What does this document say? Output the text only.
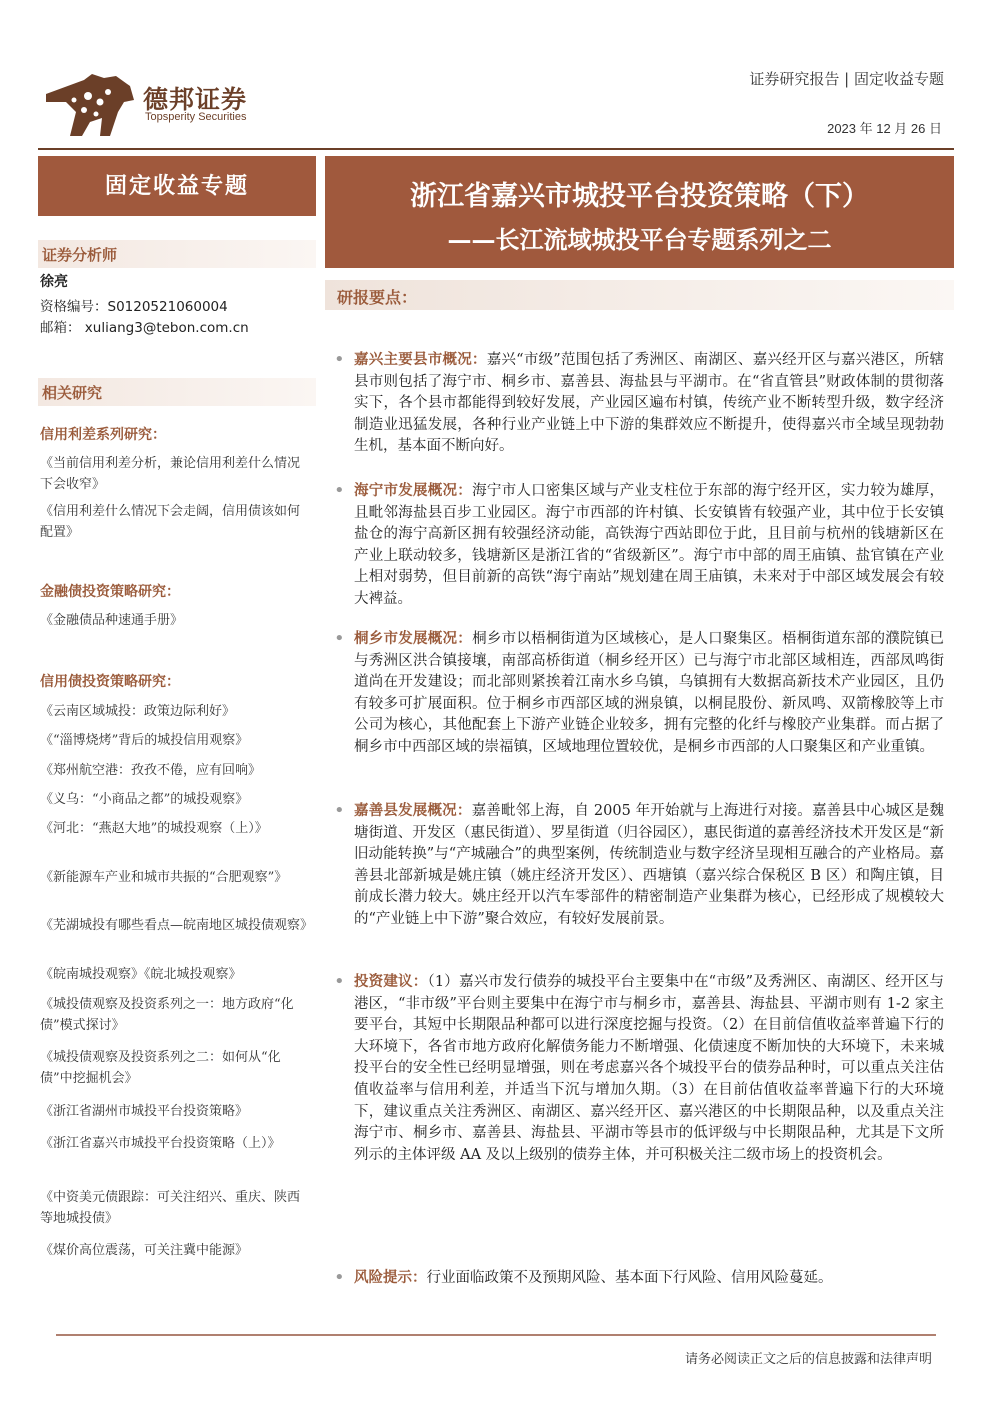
德邦证券
Topsperity Securities
证券研究报告 | 固定收益专题
2023 年 12 月 26 日
固定收益专题	浙江省嘉兴市城投平台投资策略（下）
——长江流域城投平台专题系列之二
证券分析师
徐亮
资格编号：S0120521060004
邮箱： xuliang3@tebon.com.cn
相关研究
信用利差系列研究：
《当前信用利差分析，兼论信用利差什么情况下会收窄》
《信用利差什么情况下会走阔，信用债该如何配置》
金融债投资策略研究：
《金融债品种速通手册》
信用债投资策略研究：
《云南区域城投：政策边际利好》
《“淄博烧烤”背后的城投信用观察》
《郑州航空港：孜孜不倦，应有回响》
《义乌：“小商品之都”的城投观察》
《河北：“燕赵大地”的城投观察（上）》
《新能源车产业和城市共振的“合肥观察”》
《芜湖城投有哪些看点—皖南地区城投债观察》
《皖南城投观察》《皖北城投观察》
《城投债观察及投资系列之一：地方政府“化债”模式探讨》
《城投债观察及投资系列之二：如何从“化债”中挖掘机会》
《浙江省湖州市城投平台投资策略》
《浙江省嘉兴市城投平台投资策略（上）》
《中资美元债跟踪：可关注绍兴、重庆、陕西等地城投债》
《煤价高位震荡，可关注冀中能源》
研报要点：
• 嘉兴主要县市概况：嘉兴“市级”范围包括了秀洲区、南湖区、嘉兴经开区与嘉兴港区，所辖县市则包括了海宁市、桐乡市、嘉善县、海盐县与平湖市。在“省直管县”财政体制的贯彻落实下，各个县市都能得到较好发展，产业园区遍布村镇，传统产业不断转型升级，数字经济制造业迅猛发展，各种行业产业链上中下游的集群效应不断提升，使得嘉兴市全域呈现勃勃生机，基本面不断向好。
• 海宁市发展概况：海宁市人口密集区域与产业支柱位于东部的海宁经开区，实力较为雄厚，且毗邻海盐县百步工业园区。海宁市西部的许村镇、长安镇皆有较强产业，其中位于长安镇盐仓的海宁高新区拥有较强经济动能，高铁海宁西站即位于此，且目前与杭州的钱塘新区在产业上联动较多，钱塘新区是浙江省的“省级新区”。海宁市中部的周王庙镇、盐官镇在产业上相对弱势，但目前新的高铁“海宁南站”规划建在周王庙镇，未来对于中部区域发展会有较大裨益。
• 桐乡市发展概况：桐乡市以梧桐街道为区域核心，是人口聚集区。梧桐街道东部的濮院镇已与秀洲区洪合镇接壤，南部高桥街道（桐乡经开区）已与海宁市北部区域相连，西部凤鸣街道尚在开发建设；而北部则紧挨着江南水乡乌镇，乌镇拥有大数据高新技术产业园区，且仍有较多可扩展面积。位于桐乡市西部区域的洲泉镇，以桐昆股份、新凤鸣、双箭橡胶等上市公司为核心，其他配套上下游产业链企业较多，拥有完整的化纤与橡胶产业集群。而占据了桐乡市中西部区域的崇福镇，区域地理位置较优，是桐乡市西部的人口聚集区和产业重镇。
• 嘉善县发展概况：嘉善毗邻上海，自 2005 年开始就与上海进行对接。嘉善县中心城区是魏塘街道、开发区（惠民街道）、罗星街道（归谷园区），惠民街道的嘉善经济技术开发区是“新旧动能转换”与“产城融合”的典型案例，传统制造业与数字经济呈现相互融合的产业格局。嘉善县北部新城是姚庄镇（姚庄经济开发区）、西塘镇（嘉兴综合保税区 B 区）和陶庄镇，目前成长潜力较大。姚庄经开以汽车零部件的精密制造产业集群为核心，已经形成了规模较大的“产业链上中下游”聚合效应，有较好发展前景。
• 投资建议：（1）嘉兴市发行债券的城投平台主要集中在“市级”及秀洲区、南湖区、经开区与港区，“非市级”平台则主要集中在海宁市与桐乡市，嘉善县、海盐县、平湖市则有 1-2 家主要平台，其短中长期限品种都可以进行深度挖掘与投资。（2）在目前信值收益率普遍下行的大环境下，各省市地方政府化解债务能力不断增强、化债速度不断加快的大环境下，未来城投平台的安全性已经明显增强，则在考虑嘉兴各个城投平台的债券品种时，可以重点关注估值收益率与信用利差，并适当下沉与增加久期。（3）在目前估值收益率普遍下行的大环境下，建议重点关注秀洲区、南湖区、嘉兴经开区、嘉兴港区的中长期限品种，以及重点关注海宁市、桐乡市、嘉善县、海盐县、平湖市等县市的低评级与中长期限品种，尤其是下文所列示的主体评级 AA 及以上级别的债券主体，并可积极关注二级市场上的投资机会。
• 风险提示：行业面临政策不及预期风险、基本面下行风险、信用风险蔓延。
请务必阅读正文之后的信息披露和法律声明
